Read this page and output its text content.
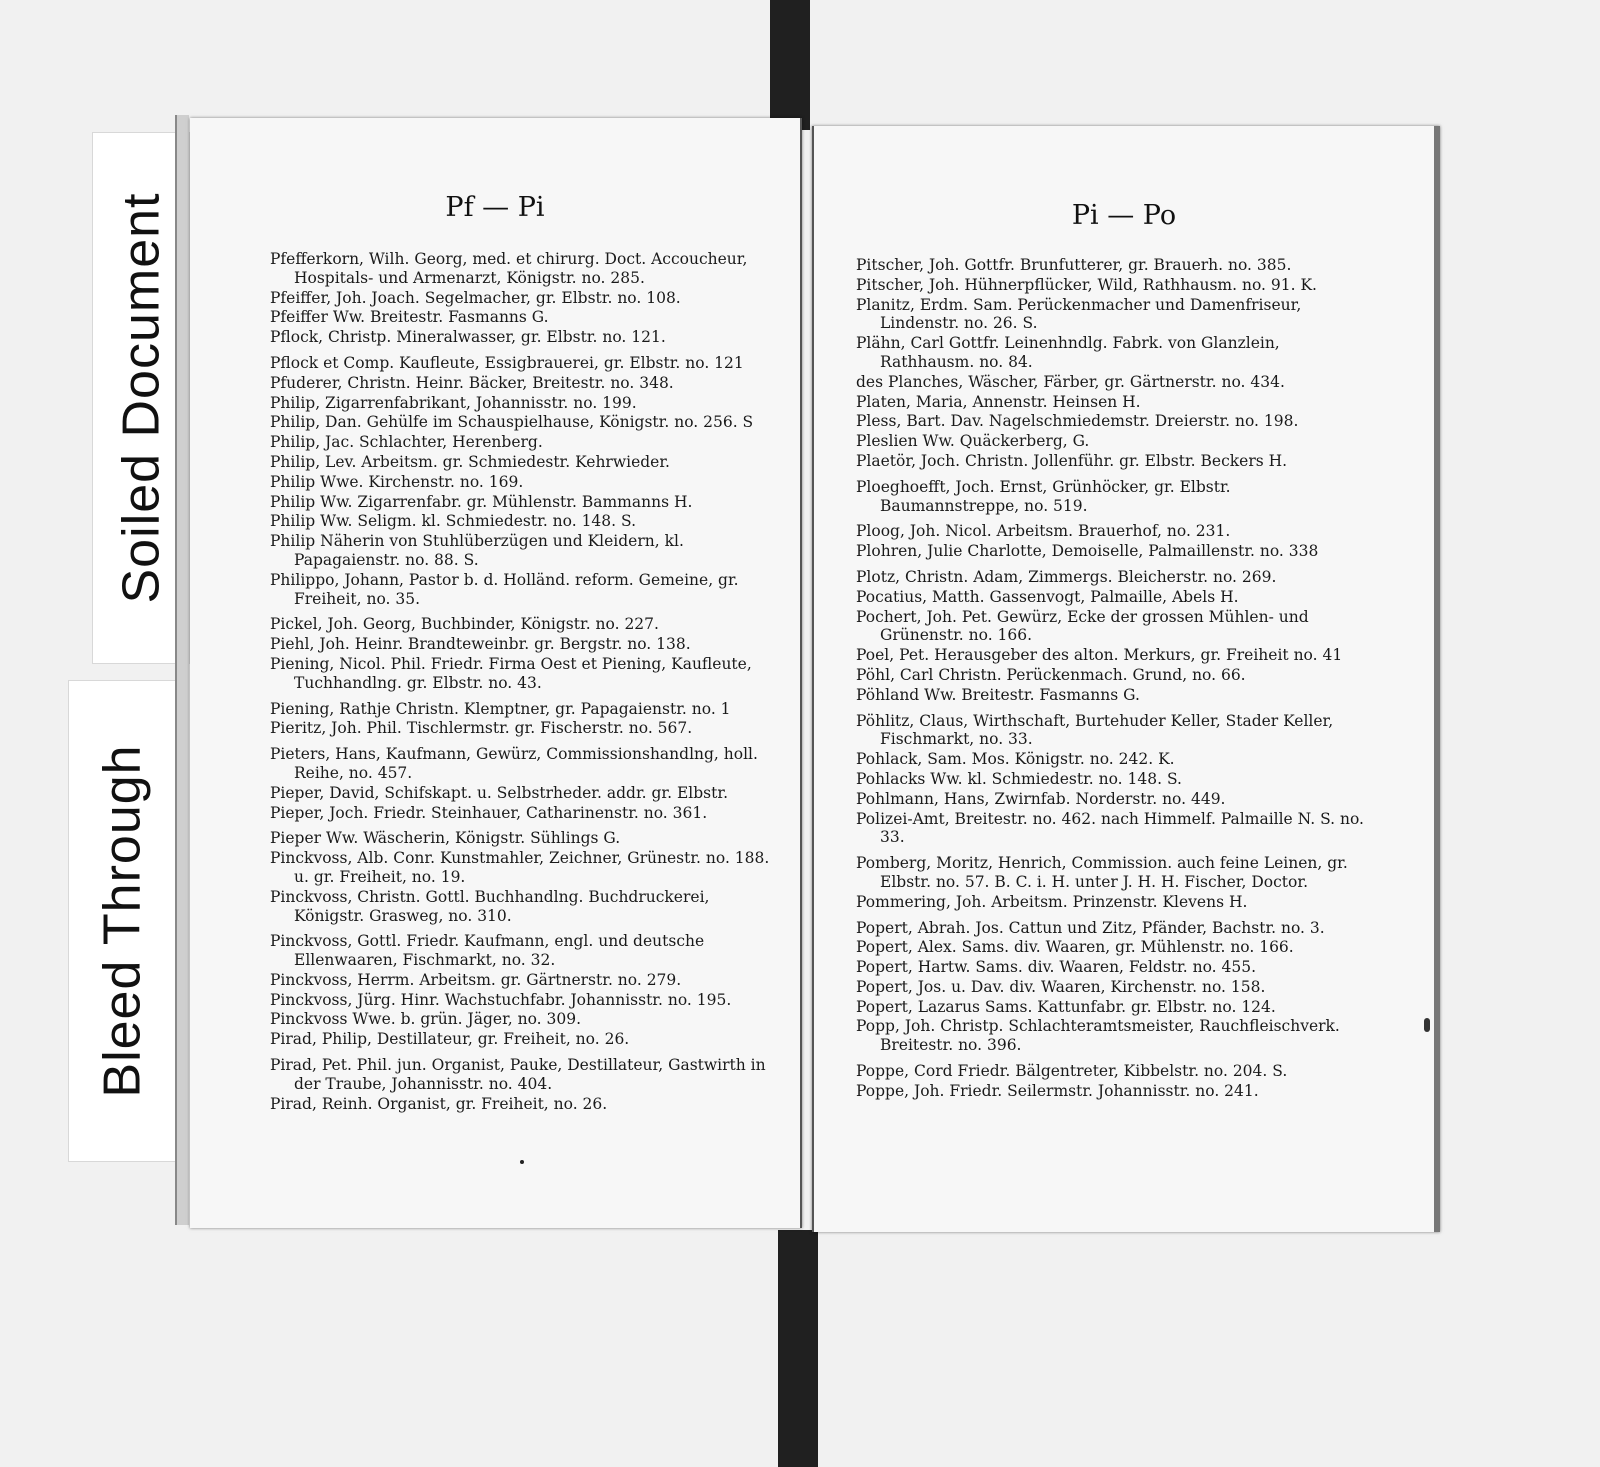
Soiled Document
Bleed Through
Pf — Pi
Pfefferkorn, Wilh. Georg, med. et chirurg. Doct. Accoucheur, Hospitals- und Armenarzt, Königstr. no. 285.
Pfeiffer, Joh. Joach. Segelmacher, gr. Elbstr. no. 108.
Pfeiffer Ww. Breitestr. Fasmanns G.
Pflock, Christp. Mineralwasser, gr. Elbstr. no. 121.
Pflock et Comp. Kaufleute, Essigbrauerei, gr. Elbstr. no. 121
Pfuderer, Christn. Heinr. Bäcker, Breitestr. no. 348.
Philip, Zigarrenfabrikant, Johannisstr. no. 199.
Philip, Dan. Gehülfe im Schauspielhause, Königstr. no. 256. S
Philip, Jac. Schlachter, Herenberg.
Philip, Lev. Arbeitsm. gr. Schmiedestr. Kehrwieder.
Philip Wwe. Kirchenstr. no. 169.
Philip Ww. Zigarrenfabr. gr. Mühlenstr. Bammanns H.
Philip Ww. Seligm. kl. Schmiedestr. no. 148. S.
Philip Näherin von Stuhlüberzügen und Kleidern, kl. Papagaienstr. no. 88. S.
Philippo, Johann, Pastor b. d. Holländ. reform. Gemeine, gr. Freiheit, no. 35.
Pickel, Joh. Georg, Buchbinder, Königstr. no. 227.
Piehl, Joh. Heinr. Brandteweinbr. gr. Bergstr. no. 138.
Piening, Nicol. Phil. Friedr. Firma Oest et Piening, Kaufleute, Tuchhandlng. gr. Elbstr. no. 43.
Piening, Rathje Christn. Klemptner, gr. Papagaienstr. no. 1
Pieritz, Joh. Phil. Tischlermstr. gr. Fischerstr. no. 567.
Pieters, Hans, Kaufmann, Gewürz, Commissionshandlng, holl. Reihe, no. 457.
Pieper, David, Schifskapt. u. Selbstrheder. addr. gr. Elbstr.
Pieper, Joch. Friedr. Steinhauer, Catharinenstr. no. 361.
Pieper Ww. Wäscherin, Königstr. Sühlings G.
Pinckvoss, Alb. Conr. Kunstmahler, Zeichner, Grünestr. no. 188. u. gr. Freiheit, no. 19.
Pinckvoss, Christn. Gottl. Buchhandlng. Buchdruckerei, Königstr. Grasweg, no. 310.
Pinckvoss, Gottl. Friedr. Kaufmann, engl. und deutsche Ellenwaaren, Fischmarkt, no. 32.
Pinckvoss, Herrm. Arbeitsm. gr. Gärtnerstr. no. 279.
Pinckvoss, Jürg. Hinr. Wachstuchfabr. Johannisstr. no. 195.
Pinckvoss Wwe. b. grün. Jäger, no. 309.
Pirad, Philip, Destillateur, gr. Freiheit, no. 26.
Pirad, Pet. Phil. jun. Organist, Pauke, Destillateur, Gastwirth in der Traube, Johannisstr. no. 404.
Pirad, Reinh. Organist, gr. Freiheit, no. 26.
Pi — Po
Pitscher, Joh. Gottfr. Brunfutterer, gr. Brauerh. no. 385.
Pitscher, Joh. Hühnerpflücker, Wild, Rathhausm. no. 91. K.
Planitz, Erdm. Sam. Perückenmacher und Damenfriseur, Lindenstr. no. 26. S.
Plähn, Carl Gottfr. Leinenhndlg. Fabrk. von Glanzlein, Rathhausm. no. 84.
des Planches, Wäscher, Färber, gr. Gärtnerstr. no. 434.
Platen, Maria, Annenstr. Heinsen H.
Pless, Bart. Dav. Nagelschmiedemstr. Dreierstr. no. 198.
Pleslien Ww. Quäckerberg, G.
Plaetör, Joch. Christn. Jollenführ. gr. Elbstr. Beckers H.
Ploeghoefft, Joch. Ernst, Grünhöcker, gr. Elbstr. Baumannstreppe, no. 519.
Ploog, Joh. Nicol. Arbeitsm. Brauerhof, no. 231.
Plohren, Julie Charlotte, Demoiselle, Palmaillenstr. no. 338
Plotz, Christn. Adam, Zimmergs. Bleicherstr. no. 269.
Pocatius, Matth. Gassenvogt, Palmaille, Abels H.
Pochert, Joh. Pet. Gewürz, Ecke der grossen Mühlen- und Grünenstr. no. 166.
Poel, Pet. Herausgeber des alton. Merkurs, gr. Freiheit no. 41
Pöhl, Carl Christn. Perückenmach. Grund, no. 66.
Pöhland Ww. Breitestr. Fasmanns G.
Pöhlitz, Claus, Wirthschaft, Burtehuder Keller, Stader Keller, Fischmarkt, no. 33.
Pohlack, Sam. Mos. Königstr. no. 242. K.
Pohlacks Ww. kl. Schmiedestr. no. 148. S.
Pohlmann, Hans, Zwirnfab. Norderstr. no. 449.
Polizei-Amt, Breitestr. no. 462. nach Himmelf. Palmaille N. S. no. 33.
Pomberg, Moritz, Henrich, Commission. auch feine Leinen, gr. Elbstr. no. 57. B. C. i. H. unter J. H. H. Fischer, Doctor.
Pommering, Joh. Arbeitsm. Prinzenstr. Klevens H.
Popert, Abrah. Jos. Cattun und Zitz, Pfänder, Bachstr. no. 3.
Popert, Alex. Sams. div. Waaren, gr. Mühlenstr. no. 166.
Popert, Hartw. Sams. div. Waaren, Feldstr. no. 455.
Popert, Jos. u. Dav. div. Waaren, Kirchenstr. no. 158.
Popert, Lazarus Sams. Kattunfabr. gr. Elbstr. no. 124.
Popp, Joh. Christp. Schlachteramtsmeister, Rauchfleischverk. Breitestr. no. 396.
Poppe, Cord Friedr. Bälgentreter, Kibbelstr. no. 204. S.
Poppe, Joh. Friedr. Seilermstr. Johannisstr. no. 241.
